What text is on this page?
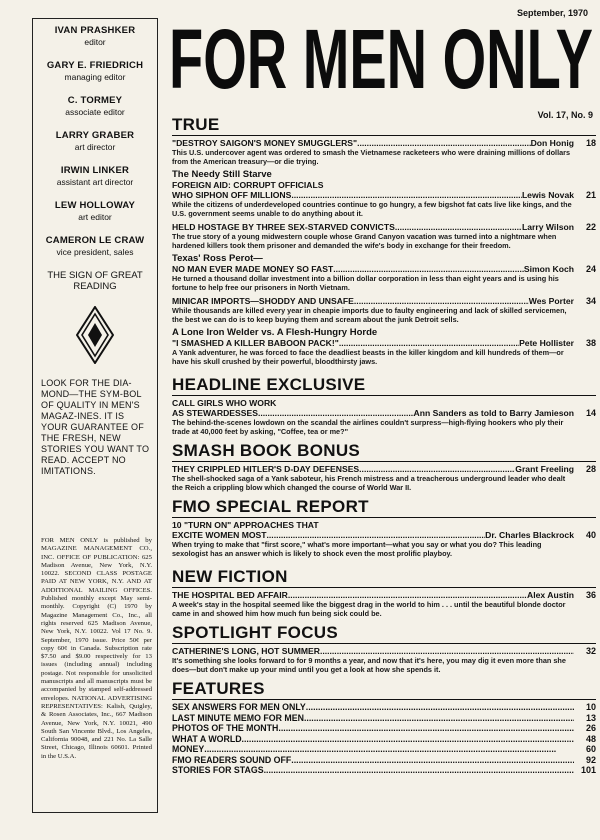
IVAN PRASHKER
editor
GARY E. FRIEDRICH
managing editor
C. TORMEY
associate editor
LARRY GRABER
art director
IRWIN LINKER
assistant art director
LEW HOLLOWAY
art editor
CAMERON LE CRAW
vice president, sales
THE SIGN OF GREAT READING
LOOK FOR THE DIA-MOND—THE SYM-BOL OF QUALITY IN MEN'S MAGAZ-INES. IT IS YOUR GUARANTEE OF THE FRESH, NEW STORIES YOU WANT TO READ. ACCEPT NO IMITATIONS.
FOR MEN ONLY is published by MAGAZINE MANAGEMENT CO., INC. OFFICE OF PUBLICATION: 625 Madison Avenue, New York, N.Y. 10022. SECOND CLASS POSTAGE PAID AT NEW YORK, N.Y. AND AT ADDITIONAL MAILING OFFICES. Published monthly except May semi-monthly. Copyright (C) 1970 by Magazine Management Co., Inc., all rights reserved 625 Madison Avenue, New York, N.Y. 10022. Vol 17 No. 9. September, 1970 issue. Price 50¢ per copy 60¢ in Canada. Subscription rate $7.50 and $9.00 respectively for 13 issues (including annual) including postage. Not responsible for unsolicited manuscripts and all manuscripts must be accompanied by stamped self-addressed envelopes. NATIONAL ADVERTISING REPRESENTATIVES: Kalish, Quigley, & Rosen Associates, Inc., 667 Madison Avenue, New York, N.Y. 10021, 490 South San Vincente Blvd., Los Angeles, California 90048, and 221 No. La Salle Street, Chicago, Illinois 60601. Printed in the U.S.A.
September, 1970
FOR MEN ONLY
Vol. 17, No. 9
TRUE
"DESTROY SAIGON'S MONEY SMUGGLERS" .....	Don Honig 18
This U.S. undercover agent was ordered to smash the Vietnamese racketeers who were draining millions of dollars from the American treasury—or die trying.
The Needy Still Starve
FOREIGN AID: CORRUPT OFFICIALS
WHO SIPHON OFF MILLIONS .....	Lewis Novak 21
While the citizens of underdeveloped countries continue to go hungry, a few bigshot fat cats live like kings, and the U.S. government seems unable to do anything about it.
HELD HOSTAGE BY THREE SEX-STARVED CONVICTS .....	Larry Wilson 22
The true story of a young midwestern couple whose Grand Canyon vacation was turned into a nightmare when hardened killers took them prisoner and demanded the wife's body in exchange for their freedom.
Texas' Ross Perot—
NO MAN EVER MADE MONEY SO FAST .....	Simon Koch 24
He turned a thousand dollar investment into a billion dollar corporation in less than eight years and is using his fortune to help free our prisoners in North Vietnam.
MINICAR IMPORTS—SHODDY AND UNSAFE .....	Wes Porter 34
While thousands are killed every year in cheapie imports due to faulty engineering and lack of skilled servicemen, the best we can do is to keep buying them and scream about the junk Detroit sells.
A Lone Iron Welder vs. A Flesh-Hungry Horde
"I SMASHED A KILLER BABOON PACK!" .....	Pete Hollister 38
A Yank adventurer, he was forced to face the deadliest beasts in the killer kingdom and kill hundreds of them—or have his skull crushed by their powerful, bloodthirsty jaws.
HEADLINE EXCLUSIVE
CALL GIRLS WHO WORK
AS STEWARDESSES .....	Ann Sanders as told to Barry Jamieson 14
The behind-the-scenes lowdown on the scandal the airlines couldn't surpress—high-flying hookers who ply their trade at 40,000 feet by asking, "Coffee, tea or me?"
SMASH BOOK BONUS
THEY CRIPPLED HITLER'S D-DAY DEFENSES .....	Grant Freeling 28
The shell-shocked saga of a Yank saboteur, his French mistress and a treacherous underground leader who dealt the Reich a crippling blow which changed the course of World War II.
FMO SPECIAL REPORT
10 "TURN ON" APPROACHES THAT
EXCITE WOMEN MOST .....	Dr. Charles Blackrock 40
When trying to make that "first score," what's more important—what you say or what you do? This leading sexologist has an answer which is likely to shock even the most prolific playboy.
NEW FICTION
THE HOSPITAL BED AFFAIR .....	Alex Austin 36
A week's stay in the hospital seemed like the biggest drag in the world to him . . . until the beautiful blonde doctor came in and showed him how much fun being sick could be.
SPOTLIGHT FOCUS
CATHERINE'S LONG, HOT SUMMER .....	32
It's something she looks forward to for 9 months a year, and now that it's here, you may dig it even more than she does—but don't make up your mind until you get a look at how she spends it.
FEATURES
SEX ANSWERS FOR MEN ONLY .....	10
LAST MINUTE MEMO FOR MEN .....	13
PHOTOS OF THE MONTH .....	26
WHAT A WORLD .....	48
MONEY .....	60
FMO READERS SOUND OFF .....	92
STORIES FOR STAGS .....	101
